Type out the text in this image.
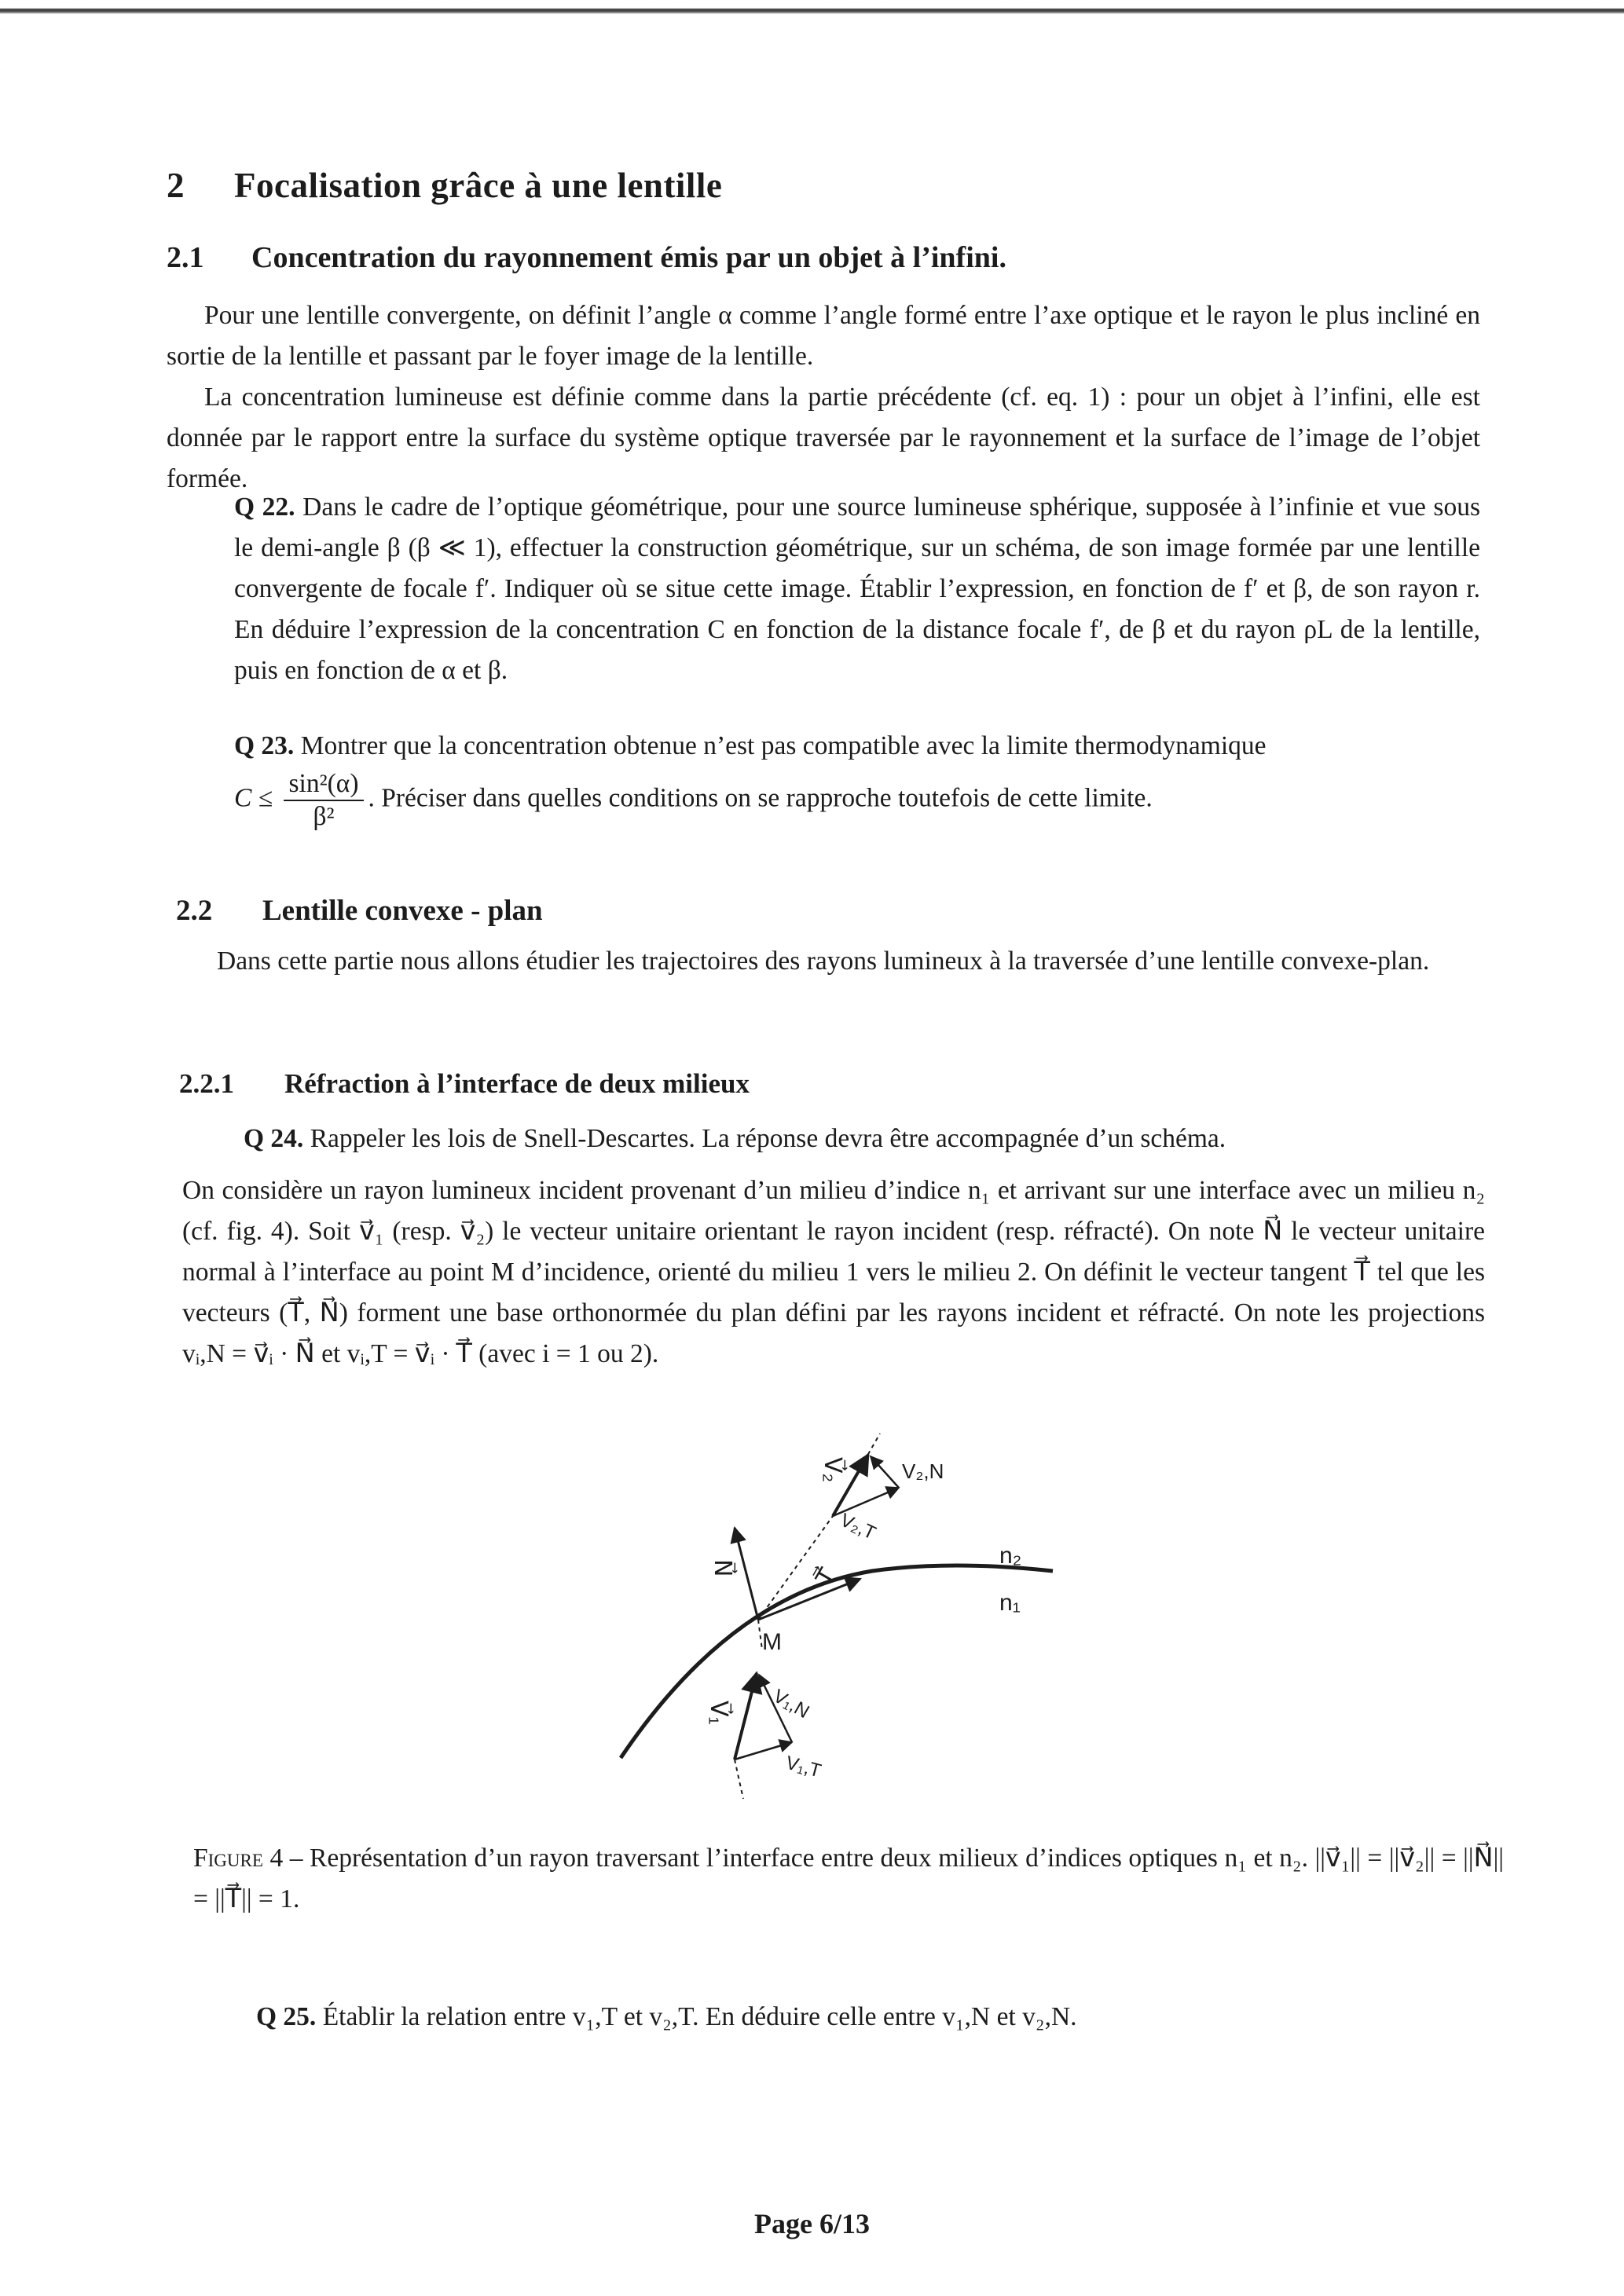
2 Focalisation grâce à une lentille
2.1 Concentration du rayonnement émis par un objet à l’infini.

Pour une lentille convergente, on définit l’angle α comme l’angle formé entre l’axe optique et le rayon le plus incliné en sortie de la lentille et passant par le foyer image de la lentille.

La concentration lumineuse est définie comme dans la partie précédente (cf. eq. 1) : pour un objet à l’infini, elle est donnée par le rapport entre la surface du système optique traversée par le rayonnement et la surface de l’image de l’objet formée.

Q 22. Dans le cadre de l’optique géométrique, pour une source lumineuse sphérique, supposée à l’infinie et vue sous le demi-angle β (β ≪ 1), effectuer la construction géométrique, sur un schéma, de son image formée par une lentille convergente de focale f′. Indiquer où se situe cette image. Établir l’expression, en fonction de f′ et β, de son rayon r. En déduire l’expression de la concentration C en fonction de la distance focale f′, de β et du rayon ρL de la lentille, puis en fonction de α et β.

Q 23. Montrer que la concentration obtenue n’est pas compatible avec la limite thermodynamique

$C \le \frac{\text{sin²(α)}}{\text{β²}}$ . Préciser dans quelles conditions on se rapproche toutefois de cette limite.

2.2 Lentille convexe - plan

Dans cette partie nous allons étudier les trajectoires des rayons lumineux à la traversée d’une lentille convexe-plan.

2.2.1 Réfraction à l’interface de deux milieux

Q 24. Rappeler les lois de Snell-Descartes. La réponse devra être accompagnée d’un schéma.

On considère un rayon lumineux incident provenant d’un milieu d’indice n₁ et arrivant sur une interface avec un milieu n₂ (cf. fig. 4). Soit v⃗₁ (resp. v⃗₂) le vecteur unitaire orientant le rayon incident (resp. réfracté). On note N⃗ le vecteur unitaire normal à l’interface au point M d’incidence, orienté du milieu 1 vers le milieu 2. On définit le vecteur tangent T⃗ tel que les vecteurs (T⃗, N⃗) forment une base orthonormée du plan défini par les rayons incident et réfracté. On note les projections vᵢ,N = v⃗ᵢ · N⃗ et vᵢ,T = v⃗ᵢ · T⃗ (avec i = 1 ou 2).

V₂,N
V⃗₂
V₂,T
n₂
n₁
N⃗	T⃗
M
V⃗₁ V₁,N
V₁,T

Figure 4 – Représentation d’un rayon traversant l’interface entre deux milieux d’indices optiques n₁ et n₂. ||v⃗₁|| = ||v⃗₂|| = ||N⃗|| = ||T⃗|| = 1.

Q 25. Établir la relation entre v₁,T et v₂,T. En déduire celle entre v₁,N et v₂,N.

Page 6/13
